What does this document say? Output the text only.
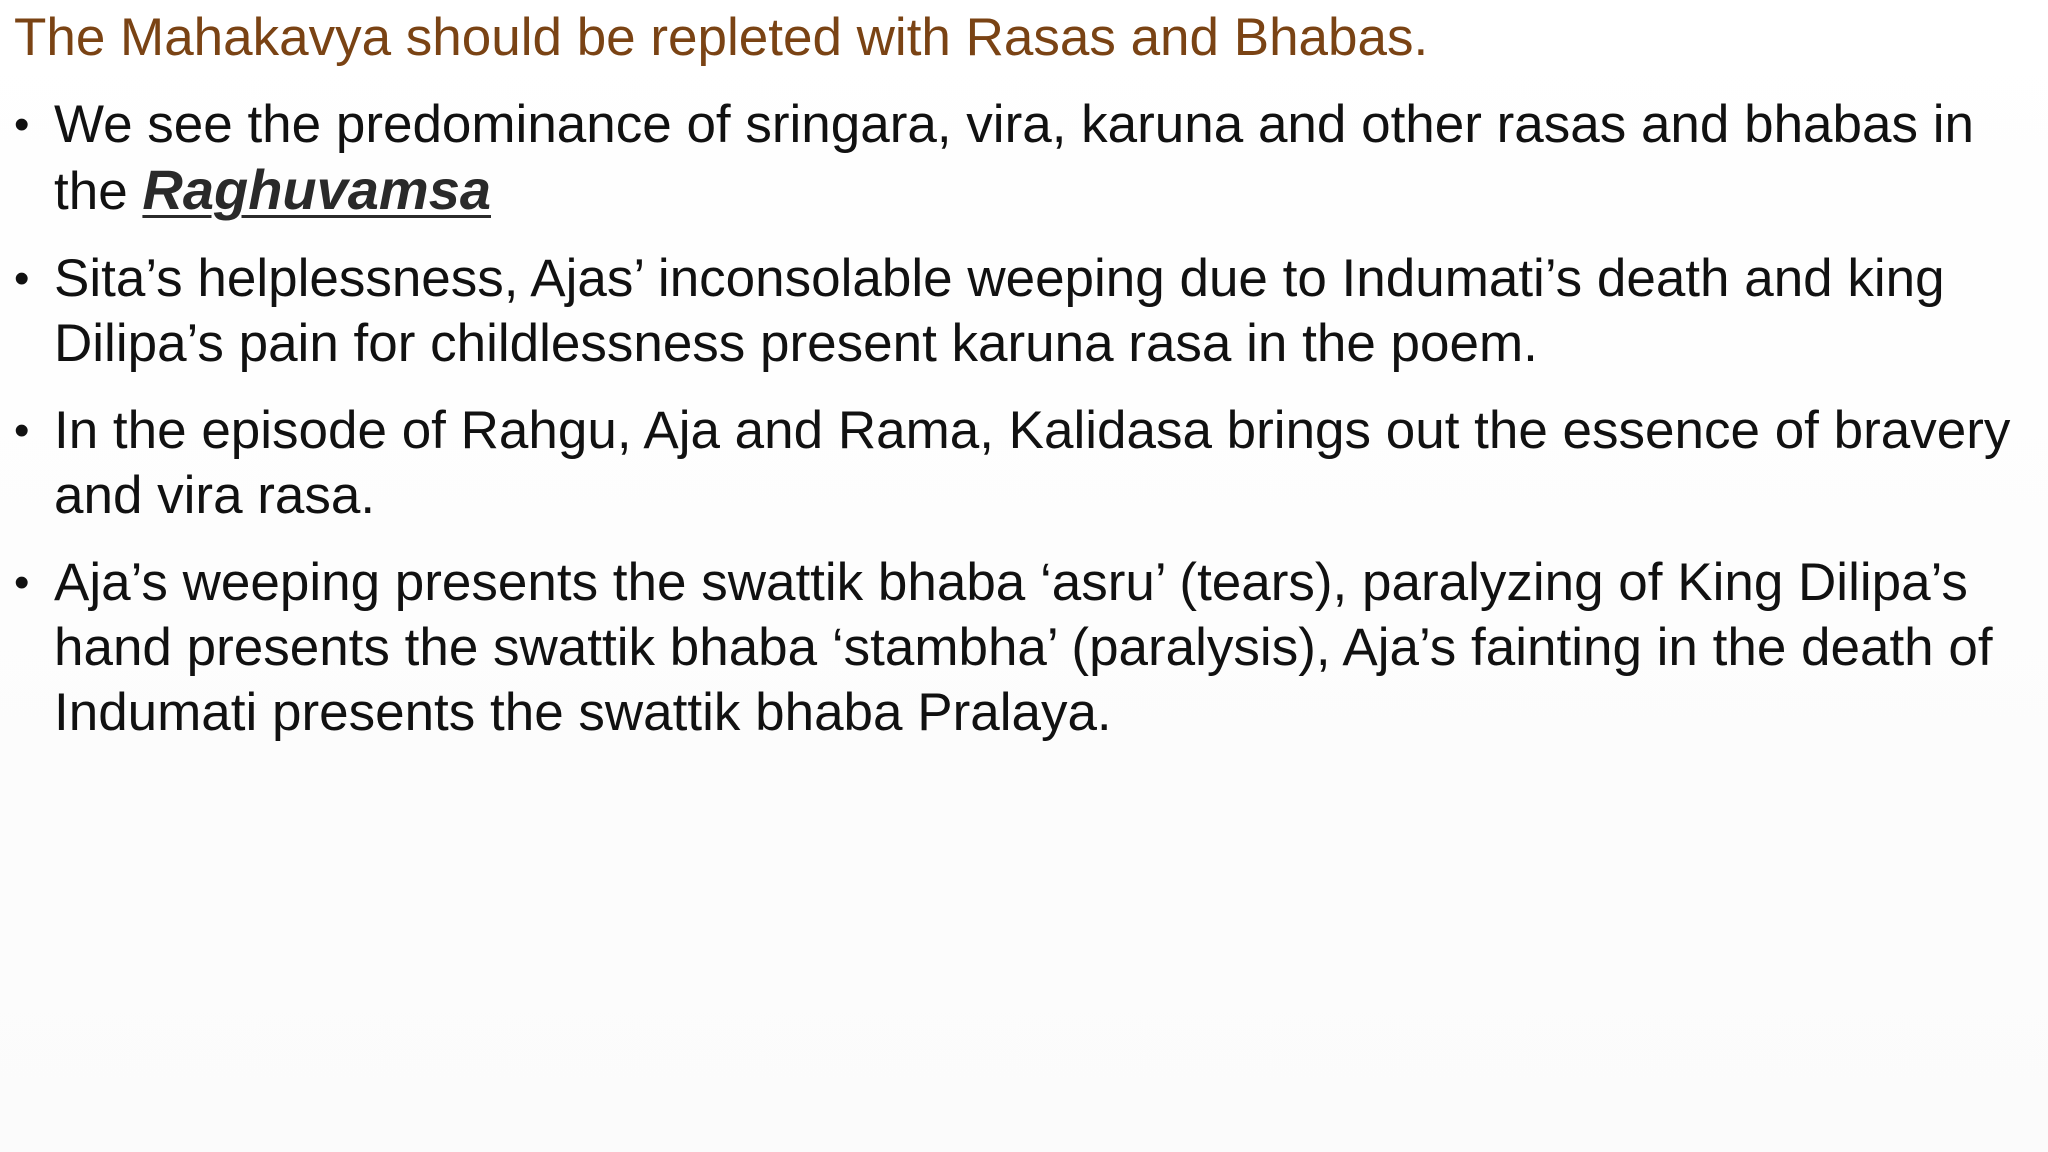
The Mahakavya should be repleted with Rasas and Bhabas.
• We see the predominance of sringara, vira, karuna and other rasas and bhabas in the Raghuvamsa
• Sita’s helplessness, Ajas’ inconsolable weeping due to Indumati’s death and king Dilipa’s pain for childlessness present karuna rasa in the poem.
• In the episode of Rahgu, Aja and Rama, Kalidasa brings out the essence of bravery and vira rasa.
• Aja’s weeping presents the swattik bhaba ‘asru’ (tears), paralyzing of King Dilipa’s hand presents the swattik bhaba ‘stambha’ (paralysis), Aja’s fainting in the death of Indumati presents the swattik bhaba Pralaya.
